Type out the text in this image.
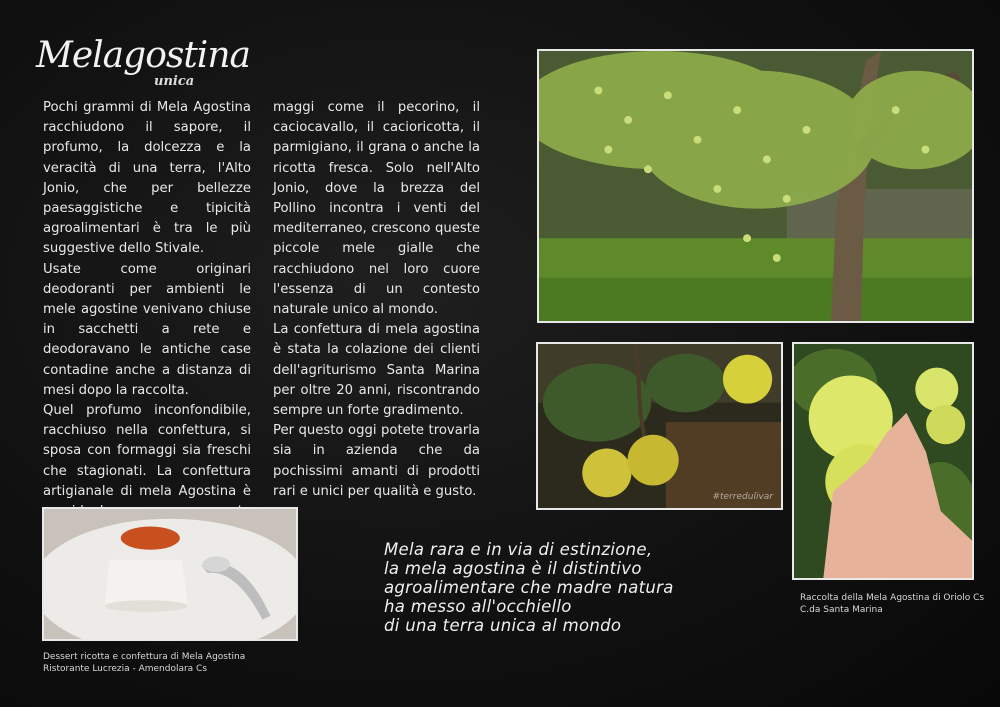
Melagostina
unica

Pochi grammi di Mela Agostina racchiudono il sapore, il profumo, la dolcezza e la veracità di una terra, l'Alto Jonio, che per bellezze paesaggistiche e tipicità agroalimentari è tra le più suggestive dello Stivale.

Usate come originari deodoranti per ambienti le mele agostine venivano chiuse in sacchetti a rete e deodoravano le antiche case contadine anche a distanza di mesi dopo la raccolta.

Quel profumo inconfondibile, racchiuso nella confettura, si sposa con formaggi sia freschi che stagionati. La confettura artigianale di mela Agostina è

maggi come il pecorino, il caciocavallo, il cacioricotta, il parmigiano, il grana o anche la ricotta fresca. Solo nell'Alto Jonio, dove la brezza del Pollino incontra i venti del mediterraneo, crescono queste piccole mele gialle che racchiudono nel loro cuore l'essenza di un contesto naturale unico al mondo.

La confettura di mela agostina è stata la colazione dei clienti dell'agriturismo Santa Marina per oltre 20 anni, riscontrando sempre un forte gradimento.

Per questo oggi potete trovarla sia in azienda che da pochissimi amanti di prodotti rari e unici per qualità e gusto.	#terredulivar
Dessert ricotta e confettura di Mela Agostina
Ristorante Lucrezia - Amendolara Cs
Raccolta della Mela Agostina di Oriolo Cs
C.da Santa Marina
Mela rara e in via di estinzione,
la mela agostina è il distintivo
agroalimentare che madre natura
ha messo all'occhiello
di una terra unica al mondo
